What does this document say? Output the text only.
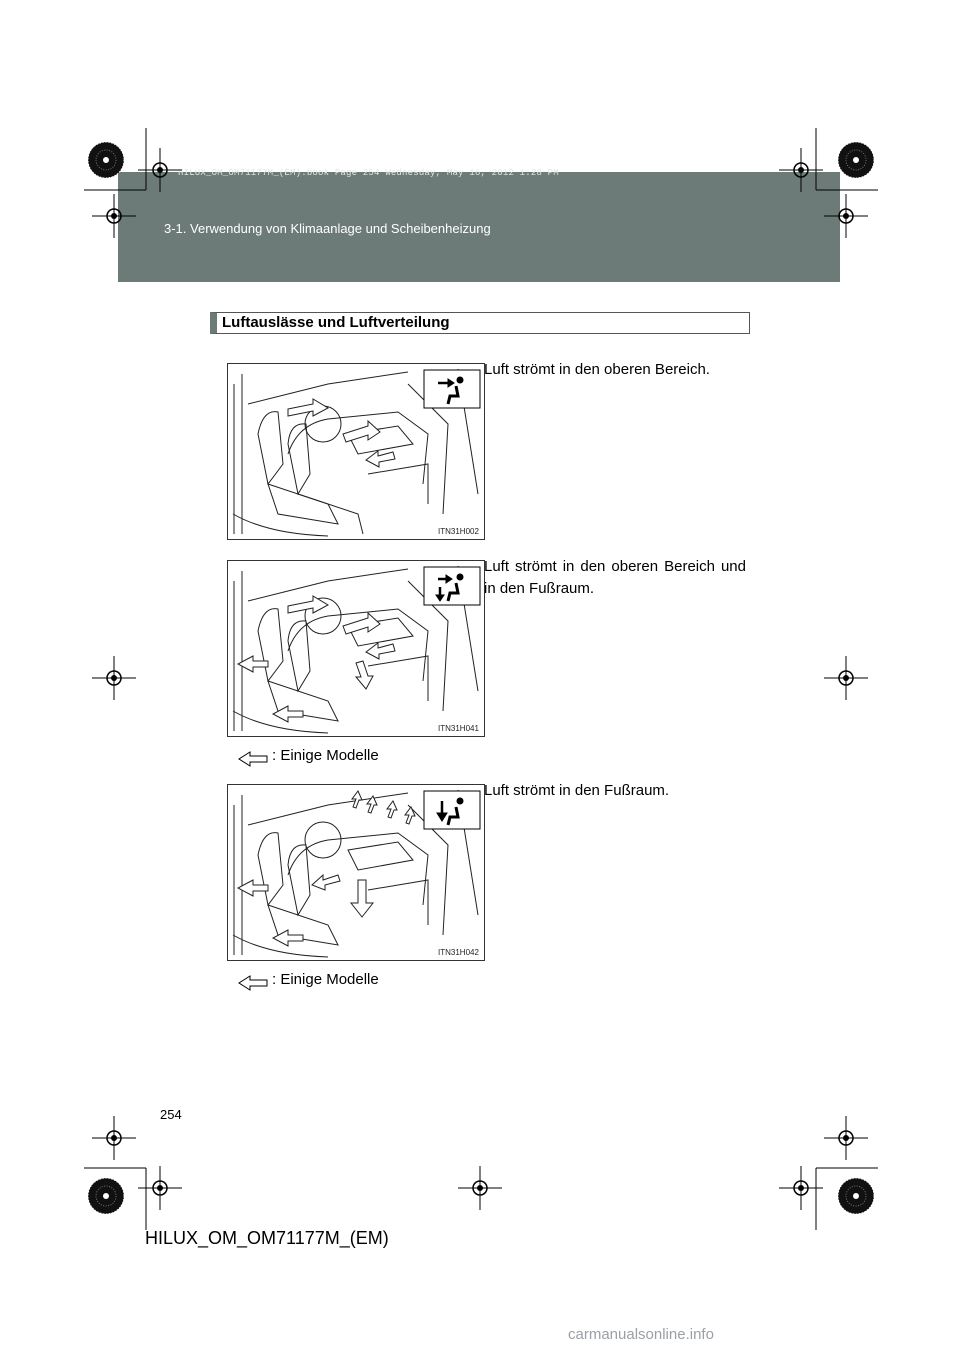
HILUX_OM_OM71177M_(EM).book Page 254 Wednesday, May 16, 2012 1:28 PM
3-1. Verwendung von Klimaanlage und Scheibenheizung
Luftauslässe und Luftverteilung
ITN31H002
Luft strömt in den oberen Bereich.
ITN31H041
Luft strömt in den oberen Bereich und in den Fußraum.
: Einige Modelle
ITN31H042
Luft strömt in den Fußraum.
: Einige Modelle
254
HILUX_OM_OM71177M_(EM)
carmanualsonline.info
